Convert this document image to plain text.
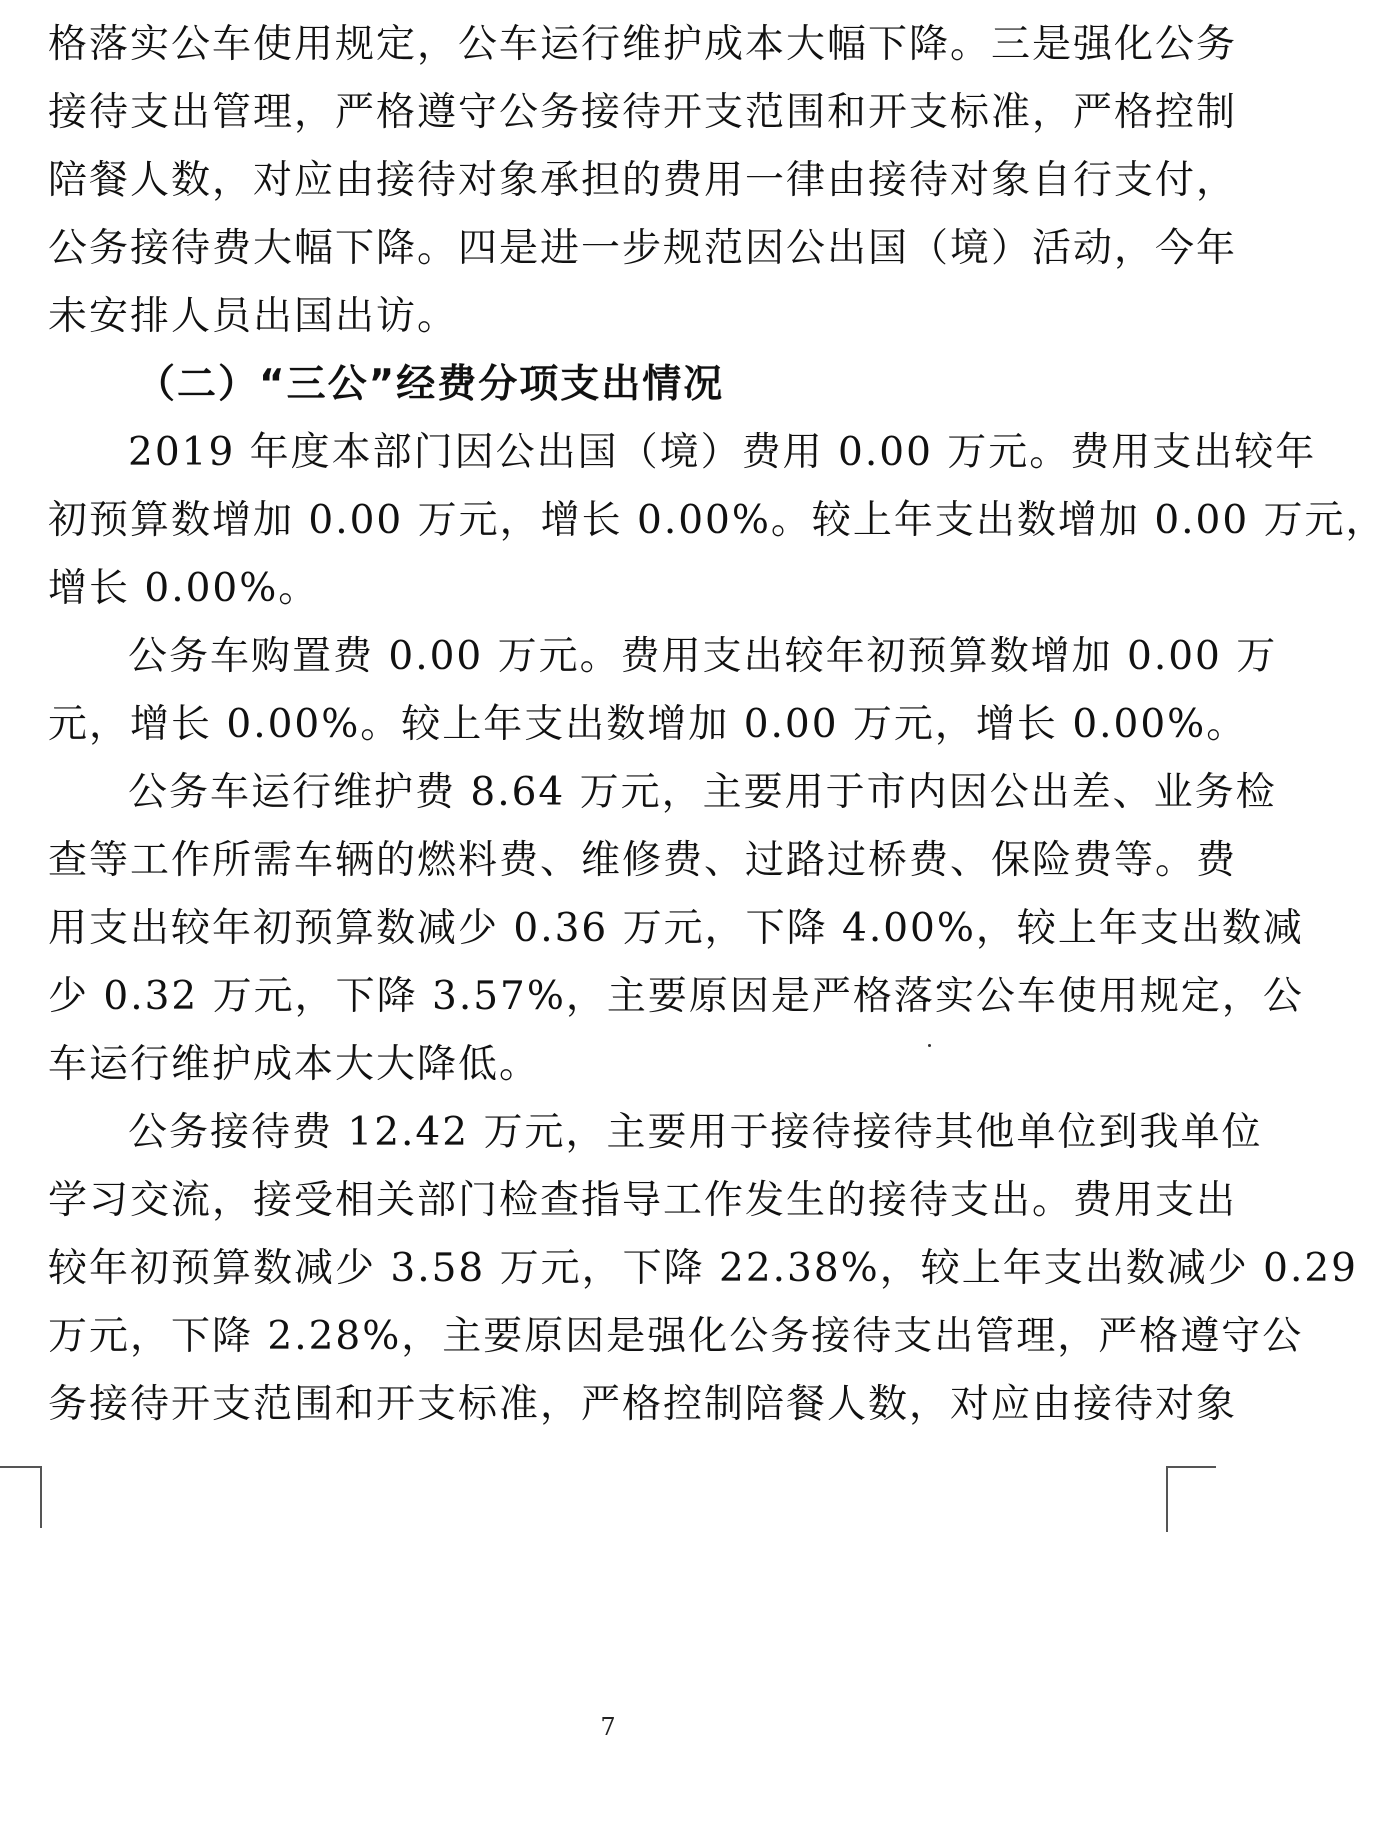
格落实公车使用规定，公车运行维护成本大幅下降。三是强化公务
接待支出管理，严格遵守公务接待开支范围和开支标准，严格控制
陪餐人数，对应由接待对象承担的费用一律由接待对象自行支付，
公务接待费大幅下降。四是进一步规范因公出国（境）活动，今年
未安排人员出国出访。
（二）“三公”经费分项支出情况
2019 年度本部门因公出国（境）费用 0.00 万元。费用支出较年
初预算数增加 0.00 万元，增长 0.00%。较上年支出数增加 0.00 万元，
增长 0.00%。
公务车购置费 0.00 万元。费用支出较年初预算数增加 0.00 万
元，增长 0.00%。较上年支出数增加 0.00 万元，增长 0.00%。
公务车运行维护费 8.64 万元，主要用于市内因公出差、业务检
查等工作所需车辆的燃料费、维修费、过路过桥费、保险费等。费
用支出较年初预算数减少 0.36 万元，下降 4.00%，较上年支出数减
少 0.32 万元，下降 3.57%，主要原因是严格落实公车使用规定，公
车运行维护成本大大降低。
公务接待费 12.42 万元，主要用于接待接待其他单位到我单位
学习交流，接受相关部门检查指导工作发生的接待支出。费用支出
较年初预算数减少 3.58 万元，下降 22.38%，较上年支出数减少 0.29
万元，下降 2.28%，主要原因是强化公务接待支出管理，严格遵守公
务接待开支范围和开支标准，严格控制陪餐人数，对应由接待对象
7
